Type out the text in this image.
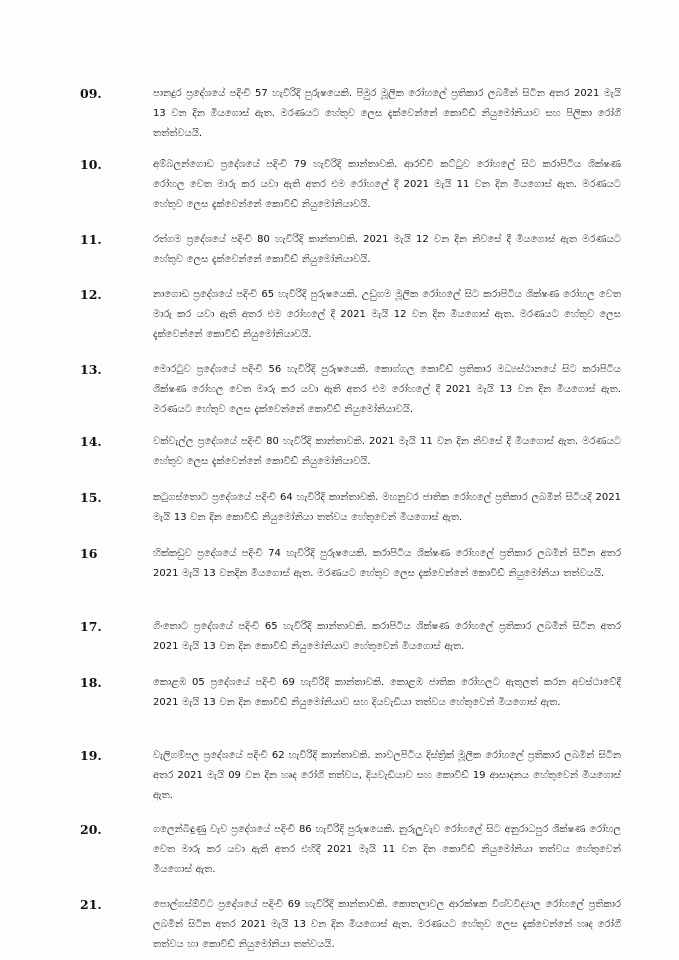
09.	පානදුර ප්‍රදේශයේ පදිංචි 57 හැවිරිදි පුරුෂයෙකි. පිමුර මූලික රෝහලේ ප්‍රතිකාර ලබමින් සිටින අතර 2021 මැයි 13 වන දින මියගොස් ඇත. මරණයට හේතුව ලෙස දැක්වෙන්නේ කොවිඩ් නියුමෝනියාව සහ පිලිකා රෝගී තත්ත්වයයි.
10.	අම්බලන්ගොඩ ප්‍රදේශයේ පදිංචි 79 හැවිරිදි කාන්තාවකි. ආරච්චි කට්ටුව රෝහලේ සිට කරාපිටිය ශික්ෂණ රෝහල වෙත මාරු කර යවා ඇති අතර එම රෝහලේ දී 2021 මැයි 11 වන දින මියගොස් ඇත. මරණයට හේතුව ලෙස දැක්වෙන්නේ කොවිඩ් නියුමෝනියාවයි.
11.	රත්ගම ප්‍රදේශයේ පදිංචි 80 හැවිරිදි කාන්තාවකි. 2021 මැයි 12 වන දින නිවසේ දී මියගොස් ඇත මරණයට හේතුව ලෙස දැක්වෙන්නේ කොවිඩ් නියුමෝනියාවයි.
12.	නාගොඩ ප්‍රදේශයේ පදිංචි 65 හැවිරිදි පුරුෂයෙකි. උඩුගම මූලික රෝහලේ සිට කරාපිටිය ශික්ෂණ රෝහල වෙත මාරු කර යවා ඇති අතර එම රෝහලේ දී 2021 මැයි 12 වන දින මියගොස් ඇත. මරණයට හේතුව ලෙස දැක්වෙන්නේ කොවිඩ් නියුමෝනියාවයි.
13.	මොරටුව ප්‍රදේශයේ පදිංචි 56 හැවිරිදි පුරුෂයෙකි. කොග්ගල කොවිඩ් ප්‍රතිකාර මධ්‍යස්ථානයේ සිට කරාපිටිය ශික්ෂණ රෝහල වෙත මාරු කර යවා ඇති අතර එම රෝහලේ දී 2021 මැයි 13 වන දින මියගොස් ඇත. මරණයට හේතුව ලෙස දැක්වෙන්නේ කොවිඩ් නියුමෝනියාවයි.
14.	වක්වැල්ල ප්‍රදේශයේ පදිංචි 80 හැවිරිදි කාන්තාවකි. 2021 මැයි 11 වන දින නිවසේ දී මියගොස් ඇත. මරණයට හේතුව ලෙස දැක්වෙන්නේ කොවිඩ් නියුමෝනියාවයි.
15.	කටුගස්තොට ප්‍රදේශයේ පදිංචි 64 හැවිරිදි කාන්තාවකි. මහනුවර ජාතික රෝහලේ ප්‍රතිකාර ලබමින් සිටියදී 2021 මැයි 13 වන දින කොවිඩ් නියුමෝනියා තත්වය හේතුවෙන් මියගොස් ඇත.
16	හික්කඩුව ප්‍රදේශයේ පදිංචි 74 හැවිරිදි පුරුෂයෙකි. කරාපිටිය ශික්ෂණ රෝහලේ ප්‍රතිකාර ලබමින් සිටින අතර 2021 මැයි 13 වනදින මියගොස් ඇත. මරණයට හේතුව ලෙස දැක්වෙන්නේ කොවිඩ් නියුමෝනියා තත්වයයි.
17.	ගිංතොට ප්‍රදේශයේ පදිංචි 65 හැවිරිදි කාන්තාවකි. කරාපිටිය ශික්ෂණ රෝහලේ ප්‍රතිකාර ලබමින් සිටින අතර 2021 මැයි 13 වන දින කොවිඩ් නියුමෝනියාව හේතුවෙන් මියගොස් ඇත.
18.	කොළඹ 05 ප්‍රදේශයේ පදිංචි 69 හැවිරිදි කාන්තාවකි. කොළඹ ජාතික රෝහලට ඇතුලත් කරන අවස්ථාවේදී 2021 මැයි 13 වන දින කොවිඩ් නියුමෝනියාව සහ දියවැඩියා තත්වය හේතුවෙන් මියගොස් ඇත.
19.	වැලිගම්පල ප්‍රදේශයේ පදිංචි 62 හැවිරිදි කාන්තාවකි. නාවලපිටිය දිස්ත්‍රික් මූලික රෝහලේ ප්‍රතිකාර ලබමින් සිටින අතර 2021 මැයි 09 වන දින හෘද රෝගී තත්වය, දියවැඩියාව සහ කොවිඩ් 19 ආසාදනය හේතුවෙන් මියගොස් ඇත.
20.	ගලෙන්බිඳුණු වැව ප්‍රදේශයේ පදිංචි 86 හැවිරිදි පුරුෂයෙකි. නුරුලුවැව රෝහලේ සිට අනුරාධපුර ශික්ෂණ රෝහල වෙත මාරු කර යවා ඇති අතර එහිදී 2021 මැයි 11 වන දින කොවිඩ් නියුමෝනියා තත්වය හේතුවෙන් මියගොස් ඇත.
21.	පොල්ගස්ඕවිට ප්‍රදේශයේ පදිංචි 69 හැවිරිදි කාන්තාවකි. කොතලාවල ආරක්ෂක විශ්වවිද්‍යාල රෝහලේ ප්‍රතිකාර ලබමින් සිටින අතර 2021 මැයි 13 වන දින මියගොස් ඇත. මරණයට හේතුව ලෙස දැක්වෙන්නේ හෘද රෝගී තත්වය හා කොවිඩ් නියුමෝනියා තත්වයයි.
